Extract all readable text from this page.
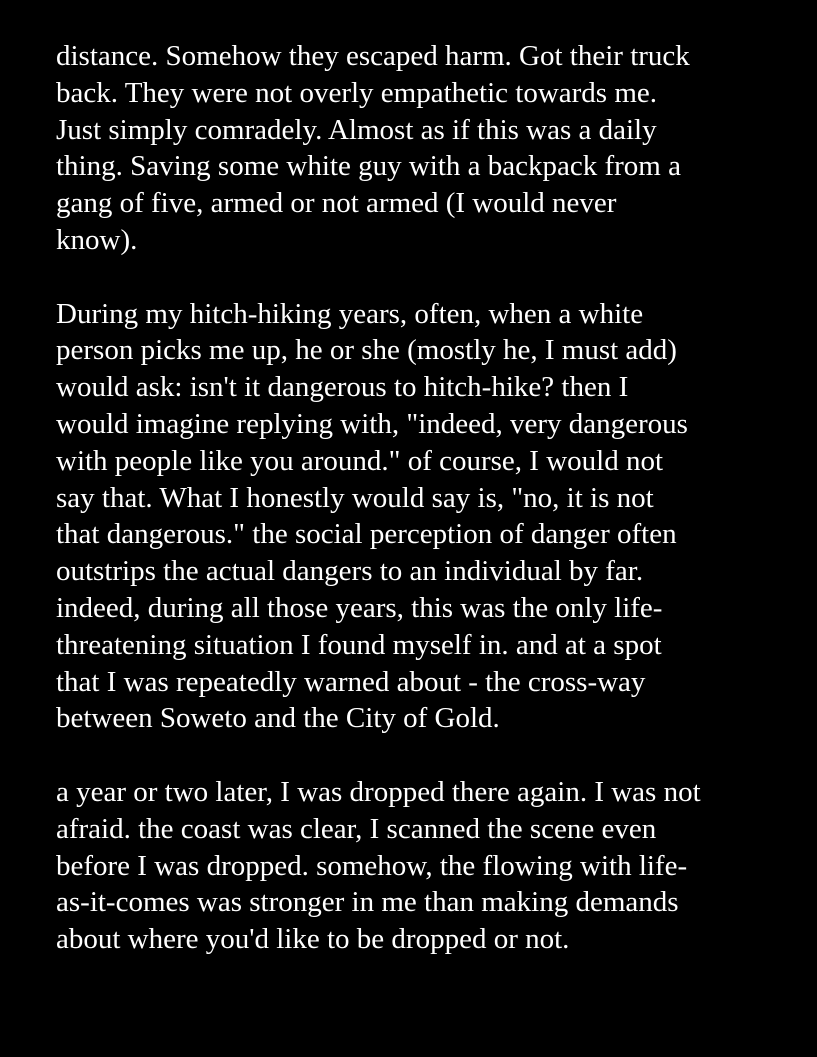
distance. Somehow they escaped harm. Got their truck
back. They were not overly empathetic towards me.
Just simply comradely. Almost as if this was a daily
thing. Saving some white guy with a backpack from a
gang of five, armed or not armed (I would never
know).
During my hitch-hiking years, often, when a white
person picks me up, he or she (mostly he, I must add)
would ask: isn't it dangerous to hitch-hike? then I
would imagine replying with, "indeed, very dangerous
with people like you around." of course, I would not
say that. What I honestly would say is, "no, it is not
that dangerous." the social perception of danger often
outstrips the actual dangers to an individual by far.
indeed, during all those years, this was the only life-
threatening situation I found myself in. and at a spot
that I was repeatedly warned about - the cross-way
between Soweto and the City of Gold.
a year or two later, I was dropped there again. I was not
afraid. the coast was clear, I scanned the scene even
before I was dropped. somehow, the flowing with life-
as-it-comes was stronger in me than making demands
about where you'd like to be dropped or not.
